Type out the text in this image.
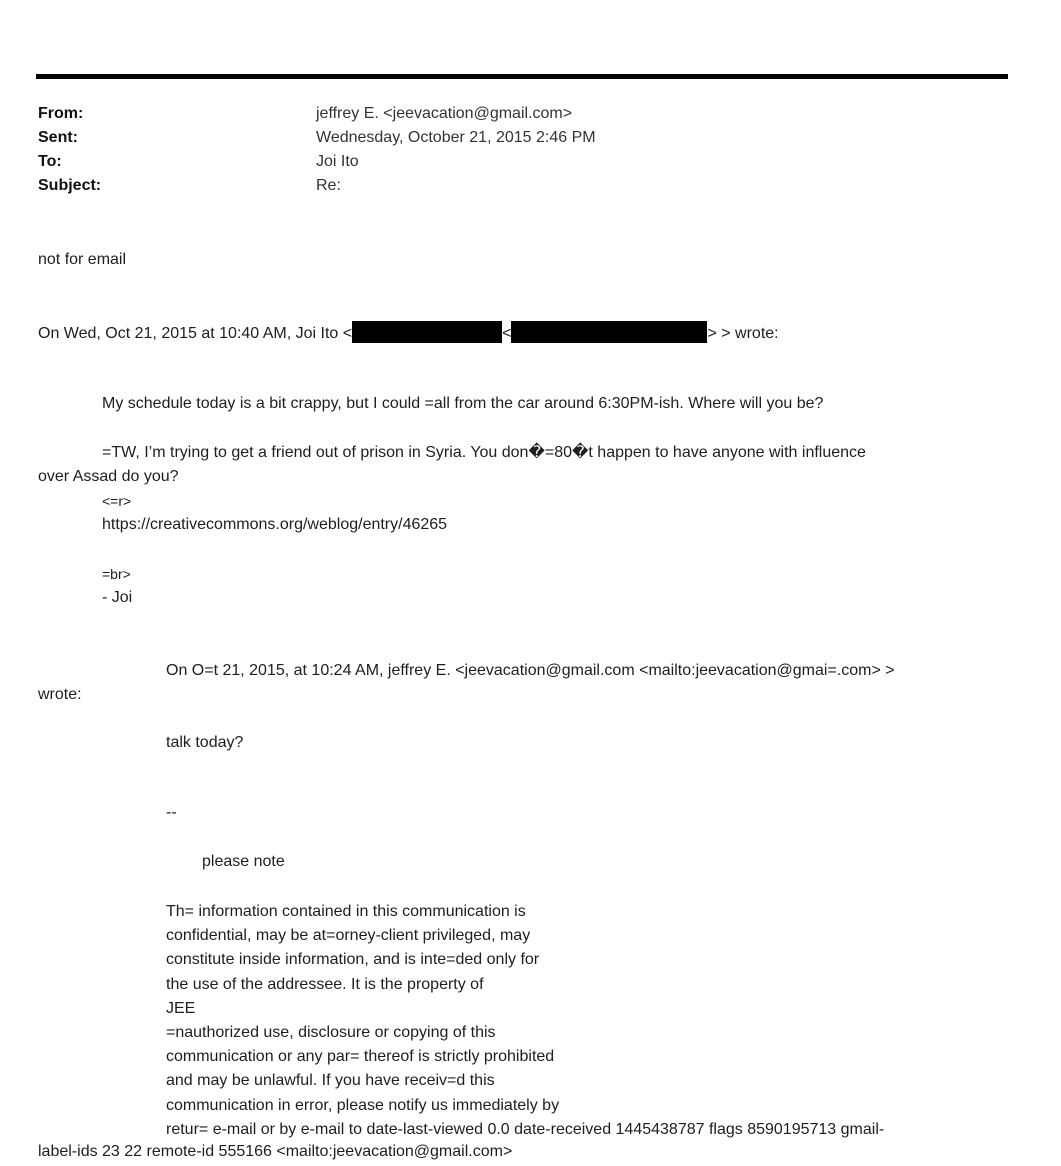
From:	jeffrey E. <jeevacation@gmail.com>
Sent:	Wednesday, October 21, 2015 2:46 PM
To:	Joi Ito
Subject:	Re:
not for email
On Wed, Oct 21, 2015 at 10:40 AM, Joi Ito <	<	> > wrote:
My schedule today is a bit crappy, but I could =all from the car around 6:30PM-ish. Where will you be?
=TW, I’m trying to get a friend out of prison in Syria. You don�=80�t happen to have anyone with influence
over Assad do you?
<=r>
https://creativecommons.org/weblog/entry/46265
=br>
- Joi
On O=t 21, 2015, at 10:24 AM, jeffrey E. <jeevacation@gmail.com <mailto:jeevacation@gmai=.com> >
wrote:
talk today?
--
please note
Th= information contained in this communication is
confidential, may be at=orney-client privileged, may
constitute inside information, and is inte=ded only for
the use of the addressee. It is the property of
JEE
=nauthorized use, disclosure or copying of this
communication or any par= thereof is strictly prohibited
and may be unlawful. If you have receiv=d this
communication in error, please notify us immediately by
retur= e-mail or by e-mail to date-last-viewed 0.0 date-received 1445438787 flags 8590195713 gmail-
label-ids 23 22 remote-id 555166 <mailto:jeevacation@gmail.com>
